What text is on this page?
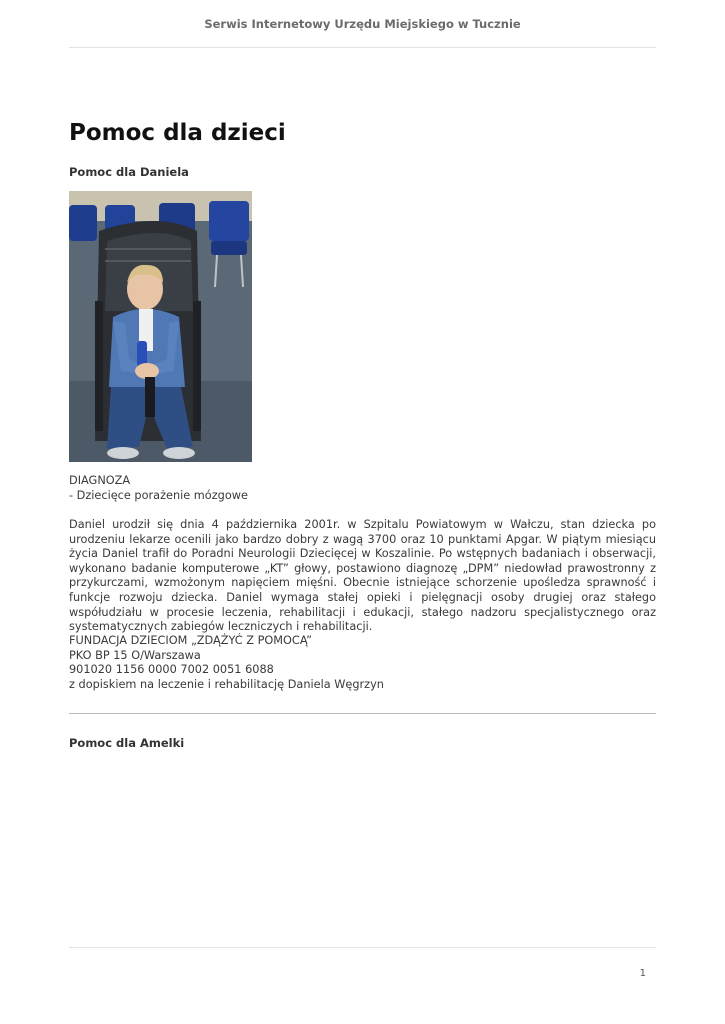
Serwis Internetowy Urzędu Miejskiego w Tucznie
Pomoc dla dzieci
Pomoc dla Daniela

DIAGNOZA

- Dziecięce porażenie mózgowe

Daniel urodził się dnia 4 października 2001r. w Szpitalu Powiatowym w Wałczu, stan dziecka po urodzeniu lekarze ocenili jako bardzo dobry z wagą 3700 oraz 10 punktami Apgar. W piątym miesiącu życia Daniel trafił do Poradni Neurologii Dziecięcej w Koszalinie. Po wstępnych badaniach i obserwacji, wykonano badanie komputerowe „KT” głowy, postawiono diagnozę „DPM” niedowład prawostronny z przykurczami, wzmożonym napięciem mięśni. Obecnie istniejące schorzenie upośledza sprawność i funkcje rozwoju dziecka. Daniel wymaga stałej opieki i pielęgnacji osoby drugiej oraz stałego współudziału w procesie leczenia, rehabilitacji i edukacji, stałego nadzoru specjalistycznego oraz systematycznych zabiegów leczniczych i rehabilitacji.

FUNDACJA DZIECIOM „ZDĄŻYĆ Z POMOCĄ”

PKO BP 15 O/Warszawa

901020 1156 0000 7002 0051 6088

z dopiskiem na leczenie i rehabilitację Daniela Węgrzyn

Pomoc dla Amelki
1
